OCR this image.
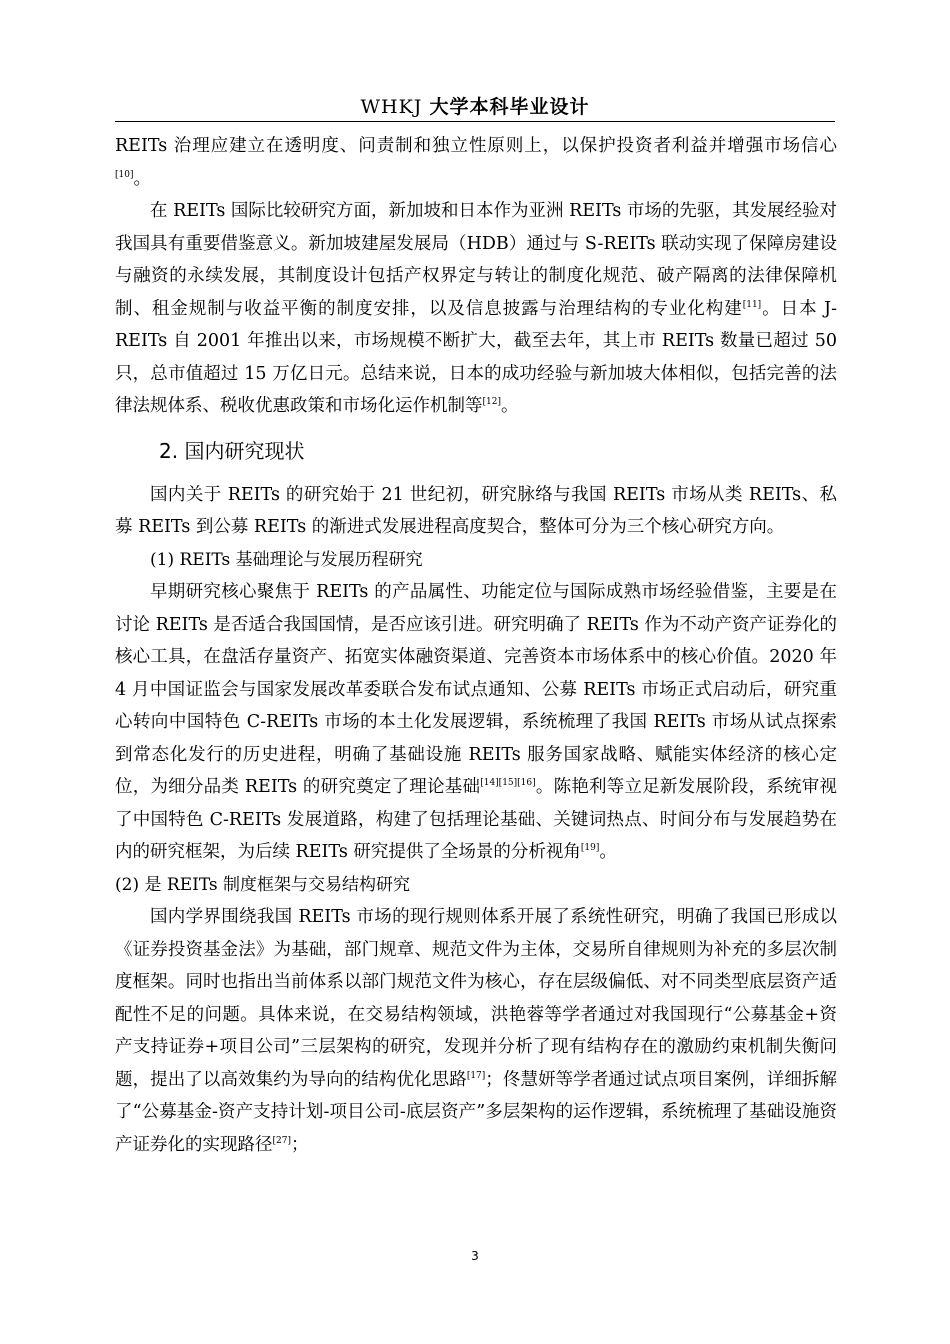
WHKJ 大学本科毕业设计

REITs 治理应建立在透明度、问责制和独立性原则上，以保护投资者利益并增强市场信心[10]。

在 REITs 国际比较研究方面，新加坡和日本作为亚洲 REITs 市场的先驱，其发展经验对我国具有重要借鉴意义。新加坡建屋发展局（HDB）通过与 S-REITs 联动实现了保障房建设与融资的永续发展，其制度设计包括产权界定与转让的制度化规范、破产隔离的法律保障机制、租金规制与收益平衡的制度安排，以及信息披露与治理结构的专业化构建[11]。日本 J-REITs 自 2001 年推出以来，市场规模不断扩大，截至去年，其上市 REITs 数量已超过 50 只，总市值超过 15 万亿日元。总结来说，日本的成功经验与新加坡大体相似，包括完善的法律法规体系、税收优惠政策和市场化运作机制等[12]。

2. 国内研究现状

国内关于 REITs 的研究始于 21 世纪初，研究脉络与我国 REITs 市场从类 REITs、私募 REITs 到公募 REITs 的渐进式发展进程高度契合，整体可分为三个核心研究方向。

(1) REITs 基础理论与发展历程研究

早期研究核心聚焦于 REITs 的产品属性、功能定位与国际成熟市场经验借鉴，主要是在讨论 REITs 是否适合我国国情，是否应该引进。研究明确了 REITs 作为不动产资产证券化的核心工具，在盘活存量资产、拓宽实体融资渠道、完善资本市场体系中的核心价值。2020 年 4 月中国证监会与国家发展改革委联合发布试点通知、公募 REITs 市场正式启动后，研究重心转向中国特色 C-REITs 市场的本土化发展逻辑，系统梳理了我国 REITs 市场从试点探索到常态化发行的历史进程，明确了基础设施 REITs 服务国家战略、赋能实体经济的核心定位，为细分品类 REITs 的研究奠定了理论基础[14][15][16]。陈艳利等立足新发展阶段，系统审视了中国特色 C-REITs 发展道路，构建了包括理论基础、关键词热点、时间分布与发展趋势在内的研究框架，为后续 REITs 研究提供了全场景的分析视角[19]。

(2) 是 REITs 制度框架与交易结构研究

国内学界围绕我国 REITs 市场的现行规则体系开展了系统性研究，明确了我国已形成以《证券投资基金法》为基础，部门规章、规范文件为主体，交易所自律规则为补充的多层次制度框架。同时也指出当前体系以部门规范文件为核心，存在层级偏低、对不同类型底层资产适配性不足的问题。具体来说，在交易结构领域，洪艳蓉等学者通过对我国现行“公募基金+资产支持证券+项目公司”三层架构的研究，发现并分析了现有结构存在的激励约束机制失衡问题，提出了以高效集约为导向的结构优化思路[17]；佟慧妍等学者通过试点项目案例，详细拆解了“公募基金-资产支持计划-项目公司-底层资产”多层架构的运作逻辑，系统梳理了基础设施资产证券化的实现路径[27]；

3
